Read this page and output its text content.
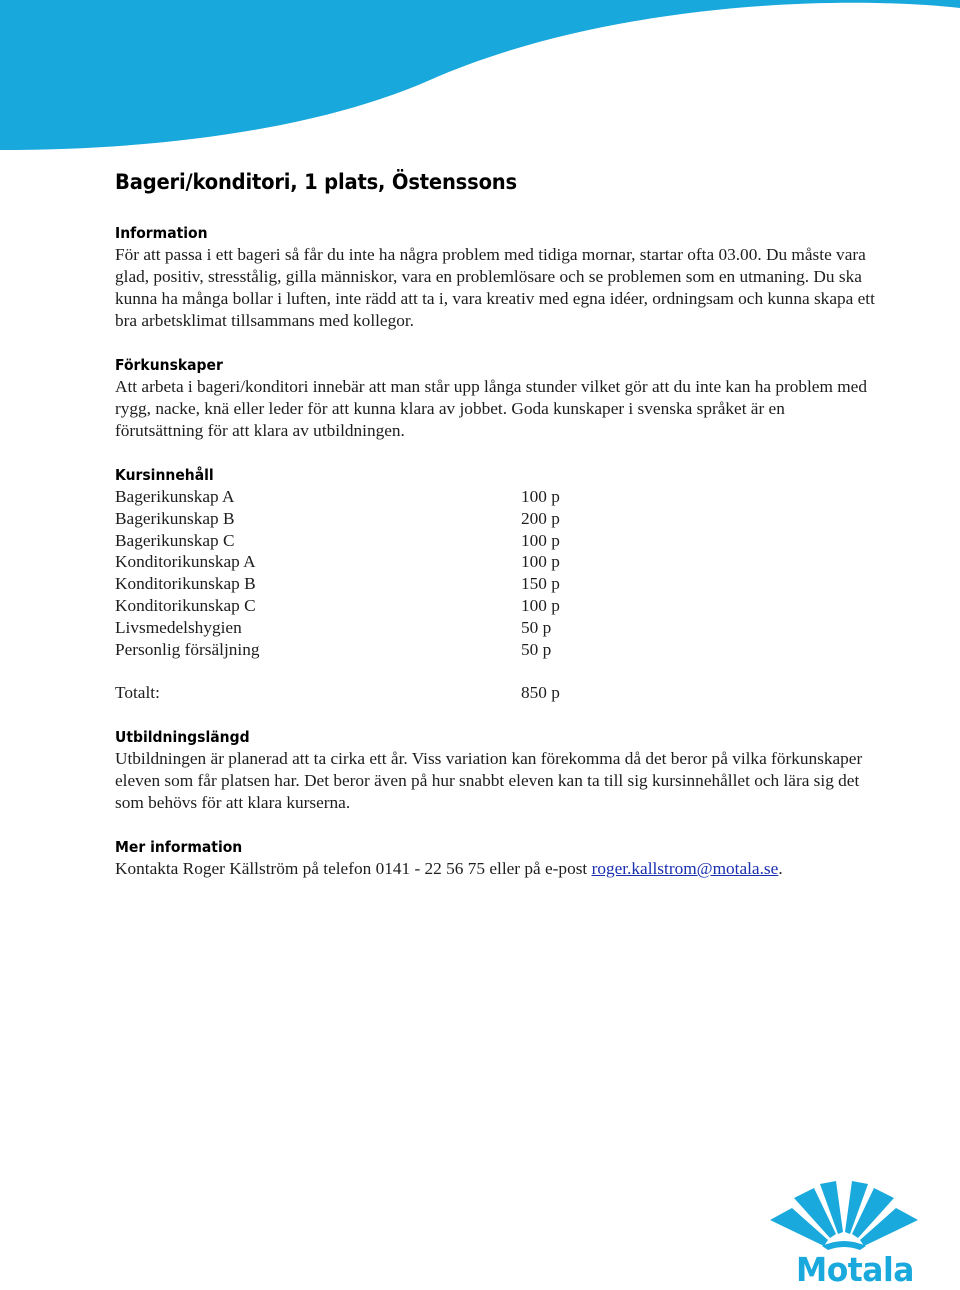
Bageri/konditori, 1 plats, Östenssons
Information

För att passa i ett bageri så får du inte ha några problem med tidiga mornar, startar ofta 03.00. Du måste vara glad, positiv, stresstålig, gilla människor, vara en problemlösare och se problemen som en utmaning. Du ska kunna ha många bollar i luften, inte rädd att ta i, vara kreativ med egna idéer, ordningsam och kunna skapa ett bra arbetsklimat tillsammans med kollegor.

Förkunskaper

Att arbeta i bageri/konditori innebär att man står upp långa stunder vilket gör att du inte kan ha problem med rygg, nacke, knä eller leder för att kunna klara av jobbet. Goda kunskaper i svenska språket är en förutsättning för att klara av utbildningen.

Kursinnehåll
Bagerikunskap A	100 p
Bagerikunskap B	200 p
Bagerikunskap C	100 p
Konditorikunskap A	100 p
Konditorikunskap B	150 p
Konditorikunskap C	100 p
Livsmedelshygien	50 p
Personlig försäljning	50 p
Totalt:	850 p
Utbildningslängd

Utbildningen är planerad att ta cirka ett år. Viss variation kan förekomma då det beror på vilka förkunskaper eleven som får platsen har. Det beror även på hur snabbt eleven kan ta till sig kursinnehållet och lära sig det som behövs för att klara kurserna.

Mer information

Kontakta Roger Källström på telefon 0141 - 22 56 75 eller på e-post roger.kallstrom@motala.se.

Motala
